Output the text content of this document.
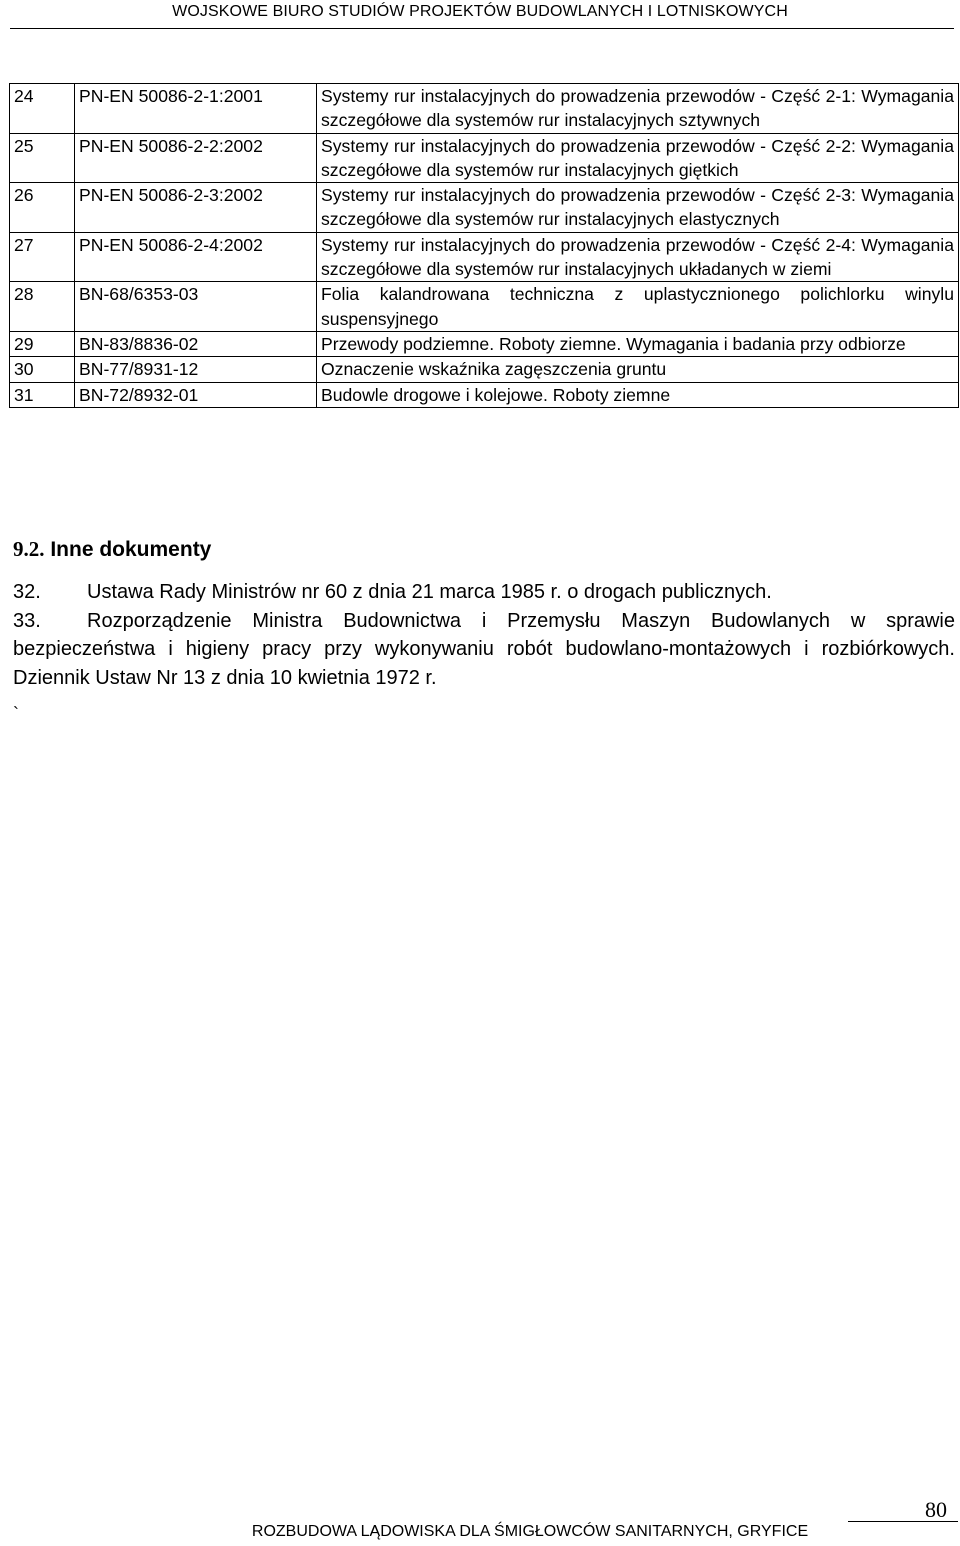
WOJSKOWE BIURO STUDIÓW PROJEKTÓW BUDOWLANYCH I LOTNISKOWYCH
24	PN-EN 50086-2-1:2001	Systemy rur instalacyjnych do prowadzenia przewodów - Część 2-1: Wymagania szczegółowe dla systemów rur instalacyjnych sztywnych
25	PN-EN 50086-2-2:2002	Systemy rur instalacyjnych do prowadzenia przewodów - Część 2-2: Wymagania szczegółowe dla systemów rur instalacyjnych giętkich
26	PN-EN 50086-2-3:2002	Systemy rur instalacyjnych do prowadzenia przewodów - Część 2-3: Wymagania szczegółowe dla systemów rur instalacyjnych elastycznych
27	PN-EN 50086-2-4:2002	Systemy rur instalacyjnych do prowadzenia przewodów - Część 2-4: Wymagania szczegółowe dla systemów rur instalacyjnych układanych w ziemi
28	BN-68/6353-03	Folia kalandrowana techniczna z uplastycznionego polichlorku winylu suspensyjnego
29	BN-83/8836-02	Przewody podziemne. Roboty ziemne. Wymagania i badania przy odbiorze
30	BN-77/8931-12	Oznaczenie wskaźnika zagęszczenia gruntu
31	BN-72/8932-01	Budowle drogowe i kolejowe. Roboty ziemne
9.2. Inne dokumenty

32. Ustawa Rady Ministrów nr 60 z dnia 21 marca 1985 r. o drogach publicznych.

33. Rozporządzenie Ministra Budownictwa i Przemysłu Maszyn Budowlanych w sprawie bezpieczeństwa i higieny pracy przy wykonywaniu robót budowlano-montażowych i rozbiórkowych. Dziennik Ustaw Nr 13 z dnia 10 kwietnia 1972 r.

`
80
ROZBUDOWA LĄDOWISKA DLA ŚMIGŁOWCÓW SANITARNYCH, GRYFICE
